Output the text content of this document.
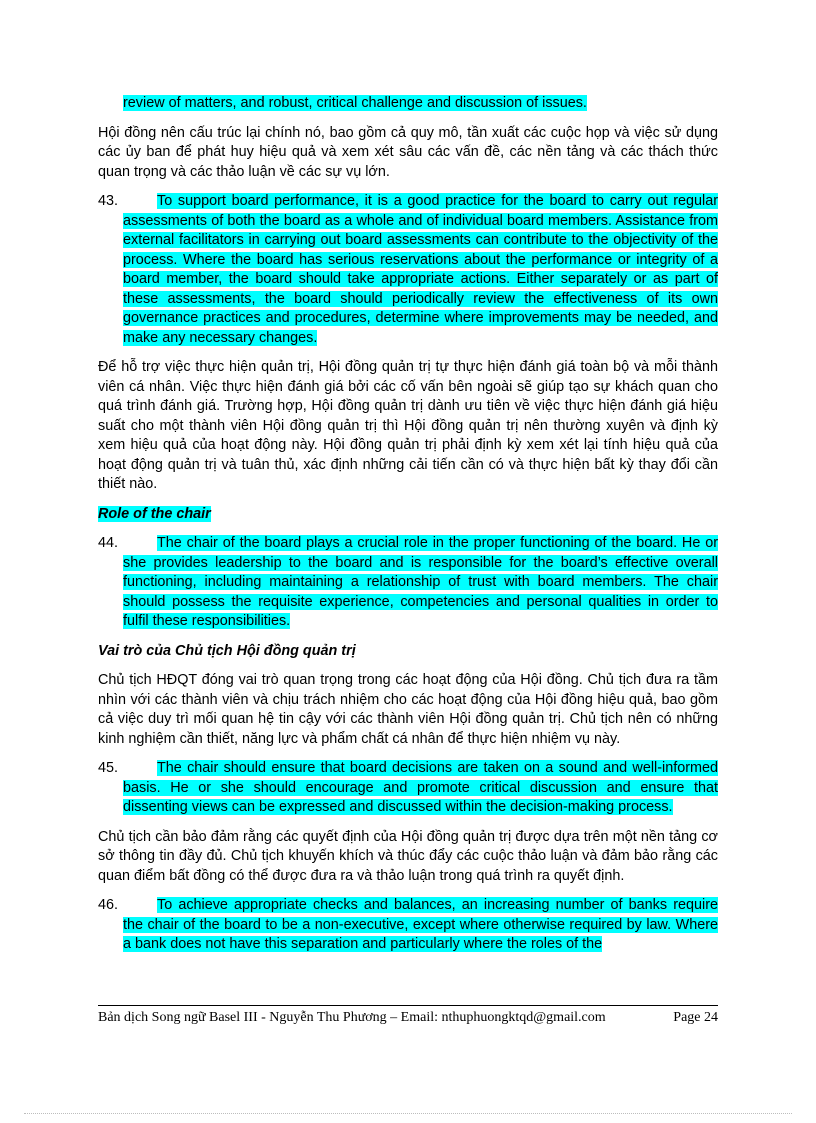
review of matters, and robust, critical challenge and discussion of issues.

Hội đồng nên cấu trúc lại chính nó, bao gồm cả quy mô, tần xuất các cuộc họp và việc sử dụng các ủy ban để phát huy hiệu quả và xem xét sâu các vấn đề, các nền tảng và các thách thức quan trọng và các thảo luận về các sự vụ lớn.

43.	To support board performance, it is a good practice for the board to carry out regular assessments of both the board as a whole and of individual board members. Assistance from external facilitators in carrying out board assessments can contribute to the objectivity of the process. Where the board has serious reservations about the performance or integrity of a board member, the board should take appropriate actions. Either separately or as part of these assessments, the board should periodically review the effectiveness of its own governance practices and procedures, determine where improvements may be needed, and make any necessary changes.

Để hỗ trợ việc thực hiện quản trị, Hội đồng quản trị tự thực hiện đánh giá toàn bộ và mỗi thành viên cá nhân. Việc thực hiện đánh giá bởi các cố vấn bên ngoài sẽ giúp tạo sự khách quan cho quá trình đánh giá. Trường hợp, Hội đồng quản trị dành ưu tiên về việc thực hiện đánh giá hiệu suất cho một thành viên Hội đồng quản trị thì Hội đồng quản trị nên thường xuyên và định kỳ xem hiệu quả của hoạt động này. Hội đồng quản trị phải định kỳ xem xét lại tính hiệu quả của hoạt động quản trị và tuân thủ, xác định những cải tiến cần có và thực hiện bất kỳ thay đổi cần thiết nào.

Role of the chair

44.	The chair of the board plays a crucial role in the proper functioning of the board. He or she provides leadership to the board and is responsible for the board’s effective overall functioning, including maintaining a relationship of trust with board members. The chair should possess the requisite experience, competencies and personal qualities in order to fulfil these responsibilities.

Vai trò của Chủ tịch Hội đồng quản trị

Chủ tịch HĐQT đóng vai trò quan trọng trong các hoạt động của Hội đồng. Chủ tịch đưa ra tầm nhìn với các thành viên và chịu trách nhiệm cho các hoạt động của Hội đồng hiệu quả, bao gồm cả việc duy trì mối quan hệ tin cậy với các thành viên Hội đồng quản trị. Chủ tịch nên có những kinh nghiệm cần thiết, năng lực và phẩm chất cá nhân để thực hiện nhiệm vụ này.

45.	The chair should ensure that board decisions are taken on a sound and well-informed basis. He or she should encourage and promote critical discussion and ensure that dissenting views can be expressed and discussed within the decision-making process.

Chủ tịch cần bảo đảm rằng các quyết định của Hội đồng quản trị được dựa trên một nền tảng cơ sở thông tin đầy đủ. Chủ tịch khuyến khích và thúc đẩy các cuộc thảo luận và đảm bảo rằng các quan điểm bất đồng có thể được đưa ra và thảo luận trong quá trình ra quyết định.

46.	To achieve appropriate checks and balances, an increasing number of banks require the chair of the board to be a non-executive, except where otherwise required by law. Where a bank does not have this separation and particularly where the roles of the
Bản dịch Song ngữ Basel III - Nguyễn Thu Phương – Email: nthuphuongktqd@gmail.com	Page 24
